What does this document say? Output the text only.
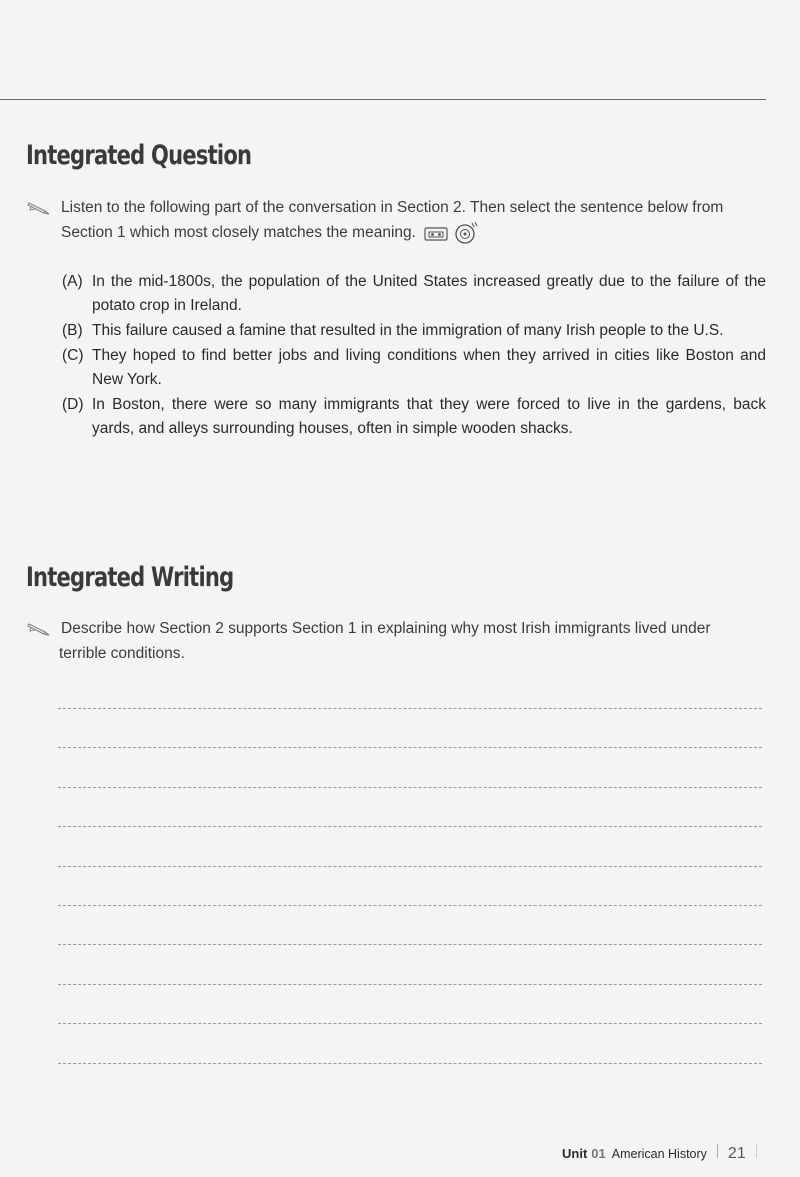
Integrated Question
Listen to the following part of the conversation in Section 2. Then select the sentence below from
Section 1 which most closely matches the meaning.
(A) In the mid-1800s, the population of the United States increased greatly due to the failure of the potato crop in Ireland.
(B) This failure caused a famine that resulted in the immigration of many Irish people to the U.S.
(C) They hoped to find better jobs and living conditions when they arrived in cities like Boston and New York.
(D) In Boston, there were so many immigrants that they were forced to live in the gardens, back yards, and alleys surrounding houses, often in simple wooden shacks.
Integrated Writing
Describe how Section 2 supports Section 1 in explaining why most Irish immigrants lived under
terrible conditions.
Unit 01 American History 21
